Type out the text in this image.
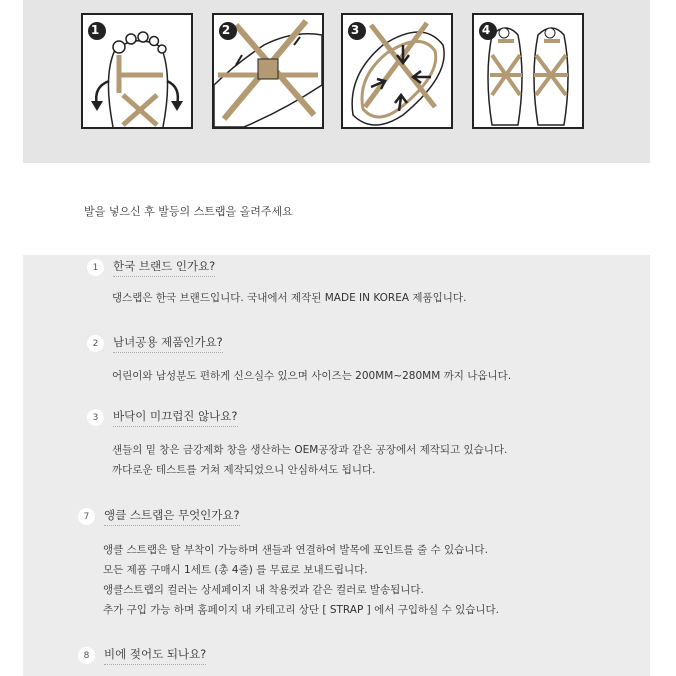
1	2	3	4
발을 넣으신 후 발등의 스트랩을 올려주세요
1	한국 브랜드 인가요?
댕스랩은 한국 브랜드입니다. 국내에서 제작된 MADE IN KOREA 제품입니다.
2	남녀공용 제품인가요?
어린이와 남성분도 편하게 신으실수 있으며 사이즈는 200MM~280MM 까지 나옵니다.
3	바닥이 미끄럽진 않나요?
샌들의 밑 창은 금강제화 창을 생산하는 OEM공장과 같은 공장에서 제작되고 있습니다.
까다로운 테스트를 거쳐 제작되었으니 안심하셔도 됩니다.
7	앵클 스트랩은 무엇인가요?
앵클 스트랩은 탈 부착이 가능하며 샌들과 연결하여 발목에 포인트를 줄 수 있습니다.
모든 제품 구매시 1세트 (총 4줄) 를 무료로 보내드립니다.
앵클스트랩의 컬러는 상세페이지 내 착용컷과 같은 컬러로 발송됩니다.
추가 구입 가능 하며 홈페이지 내 카테고리 상단 [ STRAP ] 에서 구입하실 수 있습니다.
8	비에 젖어도 되나요?
